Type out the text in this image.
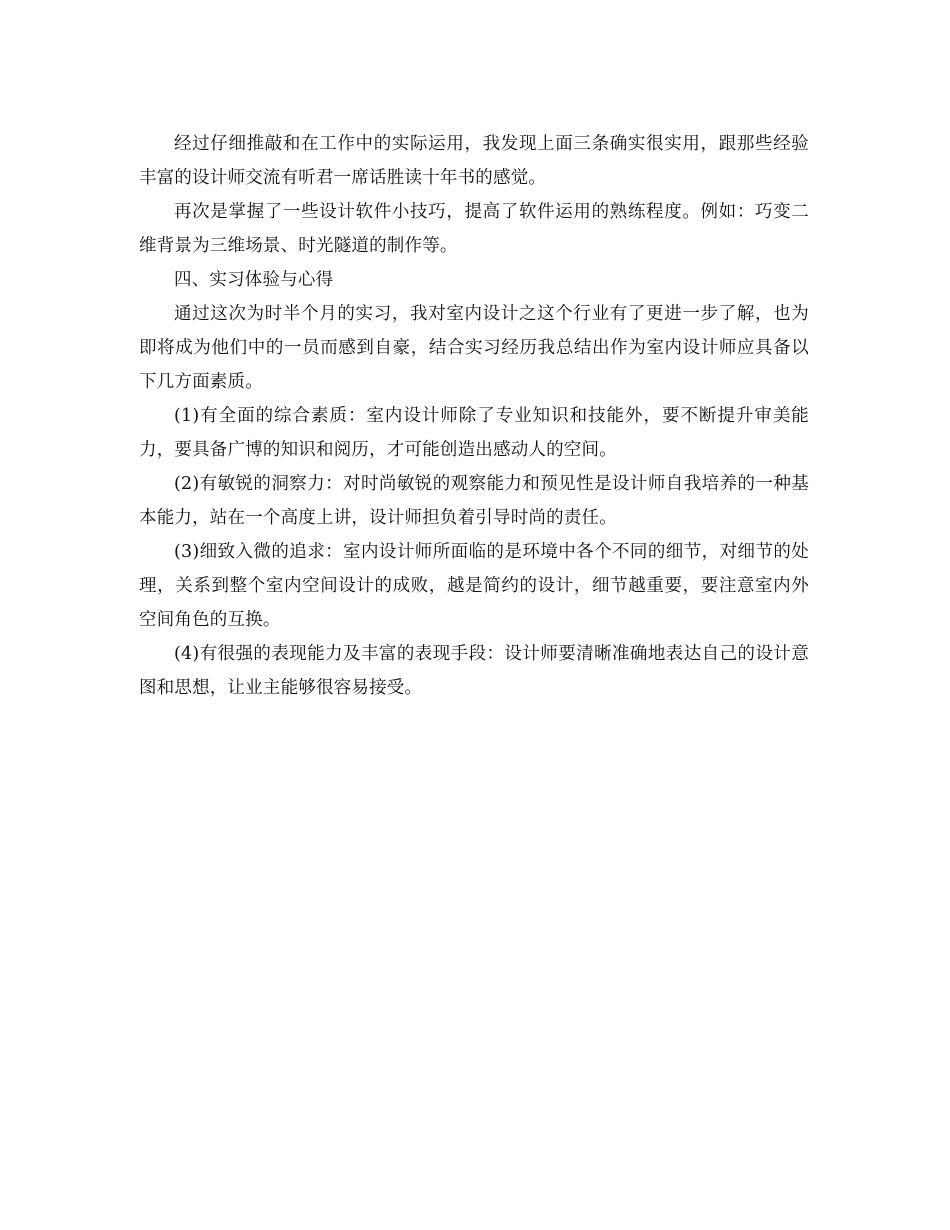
经过仔细推敲和在工作中的实际运用，我发现上面三条确实很实用，跟那些经验丰富的设计师交流有听君一席话胜读十年书的感觉。

再次是掌握了一些设计软件小技巧，提高了软件运用的熟练程度。例如：巧变二维背景为三维场景、时光隧道的制作等。

四、实习体验与心得

通过这次为时半个月的实习，我对室内设计之这个行业有了更进一步了解，也为即将成为他们中的一员而感到自豪，结合实习经历我总结出作为室内设计师应具备以下几方面素质。

(1)有全面的综合素质：室内设计师除了专业知识和技能外，要不断提升审美能力，要具备广博的知识和阅历，才可能创造出感动人的空间。

(2)有敏锐的洞察力：对时尚敏锐的观察能力和预见性是设计师自我培养的一种基本能力，站在一个高度上讲，设计师担负着引导时尚的责任。

(3)细致入微的追求：室内设计师所面临的是环境中各个不同的细节，对细节的处理，关系到整个室内空间设计的成败，越是简约的设计，细节越重要，要注意室内外空间角色的互换。

(4)有很强的表现能力及丰富的表现手段：设计师要清晰准确地表达自己的设计意图和思想，让业主能够很容易接受。
